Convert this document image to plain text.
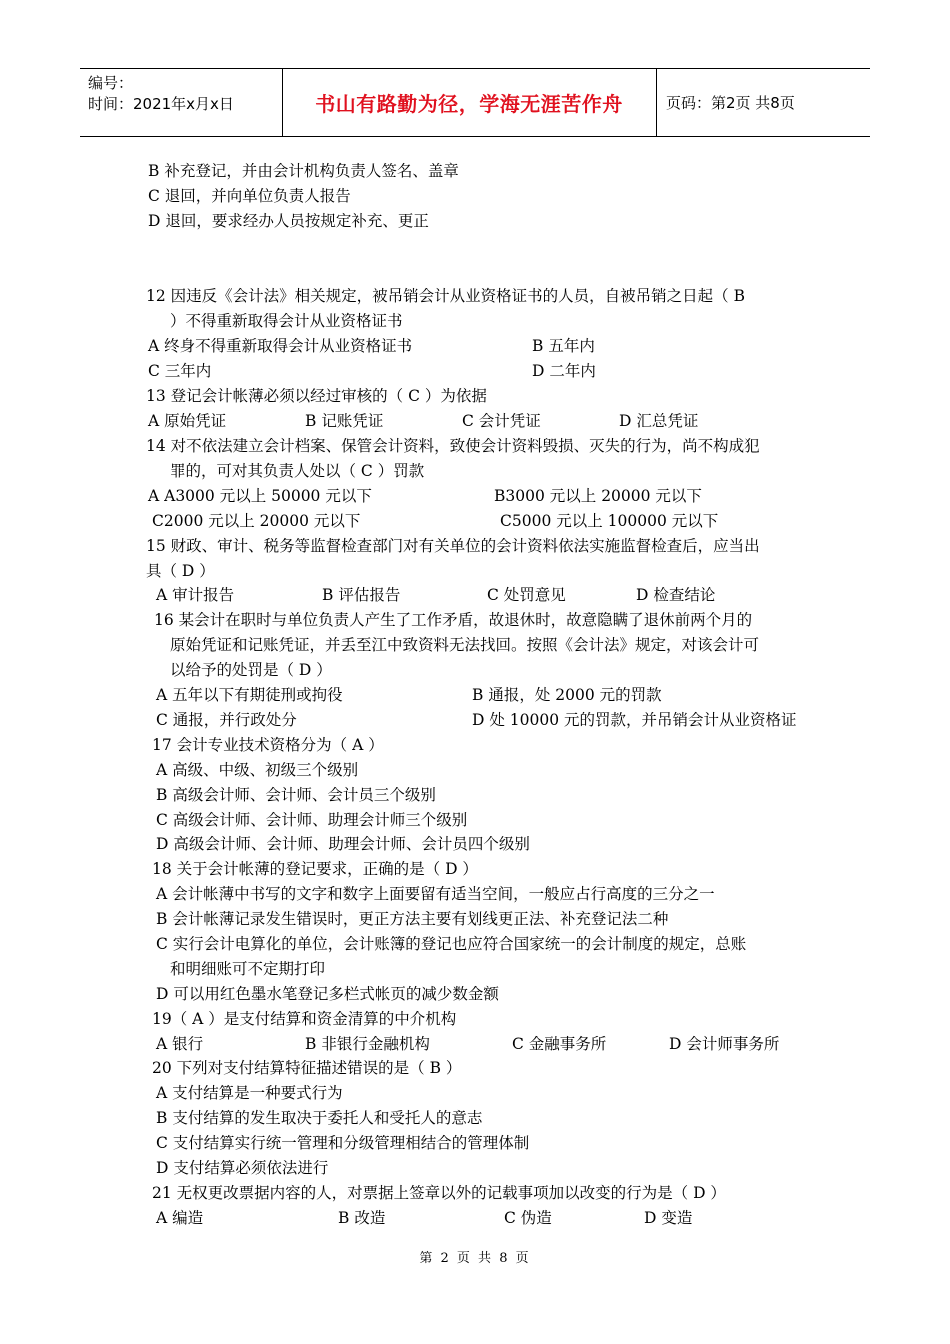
编号：
时间：2021年x月x日	书山有路勤为径，学海无涯苦作舟	页码：第2页 共8页
B 补充登记，并由会计机构负责人签名、盖章
C 退回，并向单位负责人报告
D 退回，要求经办人员按规定补充、更正
12 因违反《会计法》相关规定，被吊销会计从业资格证书的人员，自被吊销之日起（ B
）不得重新取得会计从业资格证书
A 终身不得重新取得会计从业资格证书	B 五年内
C 三年内	D 二年内
13 登记会计帐薄必须以经过审核的（ C ）为依据
A 原始凭证	B 记账凭证	C 会计凭证	D 汇总凭证
14 对不依法建立会计档案、保管会计资料，致使会计资料毁损、灭失的行为，尚不构成犯
罪的，可对其负责人处以（ C ）罚款
A A3000 元以上 50000 元以下	B3000 元以上 20000 元以下
C2000 元以上 20000 元以下	C5000 元以上 100000 元以下
15 财政、审计、税务等监督检查部门对有关单位的会计资料依法实施监督检查后，应当出
具（ D ）
A 审计报告	B 评估报告	C 处罚意见	D 检查结论
16 某会计在职时与单位负责人产生了工作矛盾，故退休时，故意隐瞒了退休前两个月的
原始凭证和记账凭证，并丢至江中致资料无法找回。按照《会计法》规定，对该会计可
以给予的处罚是（ D ）
A 五年以下有期徒刑或拘役	B 通报，处 2000 元的罚款
C 通报，并行政处分	D 处 10000 元的罚款，并吊销会计从业资格证
17 会计专业技术资格分为（ A ）
A 高级、中级、初级三个级别
B 高级会计师、会计师、会计员三个级别
C 高级会计师、会计师、助理会计师三个级别
D 高级会计师、会计师、助理会计师、会计员四个级别
18 关于会计帐薄的登记要求，正确的是（ D ）
A 会计帐薄中书写的文字和数字上面要留有适当空间，一般应占行高度的三分之一
B 会计帐薄记录发生错误时，更正方法主要有划线更正法、补充登记法二种
C 实行会计电算化的单位，会计账簿的登记也应符合国家统一的会计制度的规定，总账
和明细账可不定期打印
D 可以用红色墨水笔登记多栏式帐页的减少数金额
19（ A ）是支付结算和资金清算的中介机构
A 银行	B 非银行金融机构	C 金融事务所	D 会计师事务所
20 下列对支付结算特征描述错误的是（ B ）
A 支付结算是一种要式行为
B 支付结算的发生取决于委托人和受托人的意志
C 支付结算实行统一管理和分级管理相结合的管理体制
D 支付结算必须依法进行
21 无权更改票据内容的人，对票据上签章以外的记载事项加以改变的行为是（ D ）
A 编造	B 改造	C 伪造	D 变造
第 2 页 共 8 页
